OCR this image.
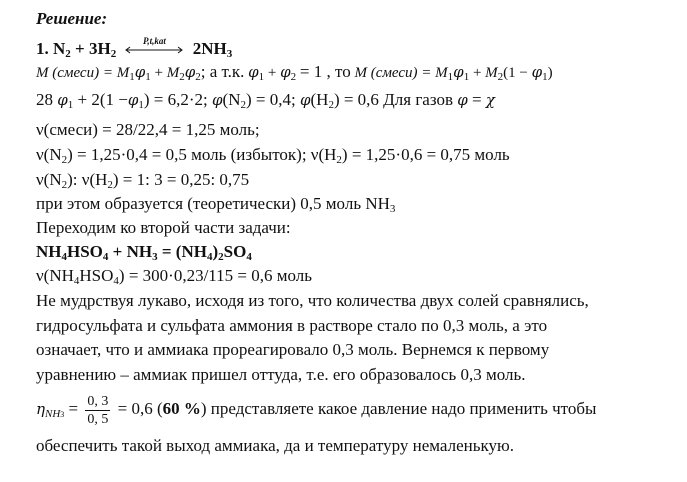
Решение:
1. $N_2 + 3H_2$
P,t,kat	$2NH_3$
M (смеси) = $M_1\varphi_1 + M_2\varphi_2$; а т.к. $\varphi_1 + \varphi_2 = 1$ , то M (смеси) = $M_1\varphi_1 + M_2(1 - \varphi_1)$
28 $\varphi_1 + 2(1 -\varphi_1) = 6,2\cdot 2$; $\varphi(N_2) = 0,4$; $\varphi(H_2) = 0,6$ Для газов φ = χ
ν(смеси) = 28/22,4 = 1,25 моль;
$\nu(N_2) = 1,25\cdot 0,4 = 0,5$ моль (избыток); $\nu(H_2) = 1,25\cdot 0,6 = 0,75$ моль
$\nu(N_2)$: $\nu(H_2) = 1$: 3 = 0,25: 0,75
при этом образуется (теоретически) 0,5 моль $NH_3$
Переходим ко второй части задачи:
$NH_4HSO_4 + NH_3 = (NH_4)_2SO_4$
$\nu(NH_4HSO_4) = 300\cdot 0,23/115 = 0,6$ моль
Не мудрствуя лукаво, исходя из того, что количества двух солей сравнялись,
гидросульфата и сульфата аммония в растворе стало по 0,3 моль, а это
означает, что и аммиака прореагировало 0,3 моль. Вернемся к первому
уравнению – аммиак пришел оттуда, т.е. его образовалось 0,3 моль.
$\eta_{NH3} = \frac{0, 3}{0, 5} = 0,6$ (60 %) представляете какое давление надо применить чтобы
обеспечить такой выход аммиака, да и температуру немаленькую.
